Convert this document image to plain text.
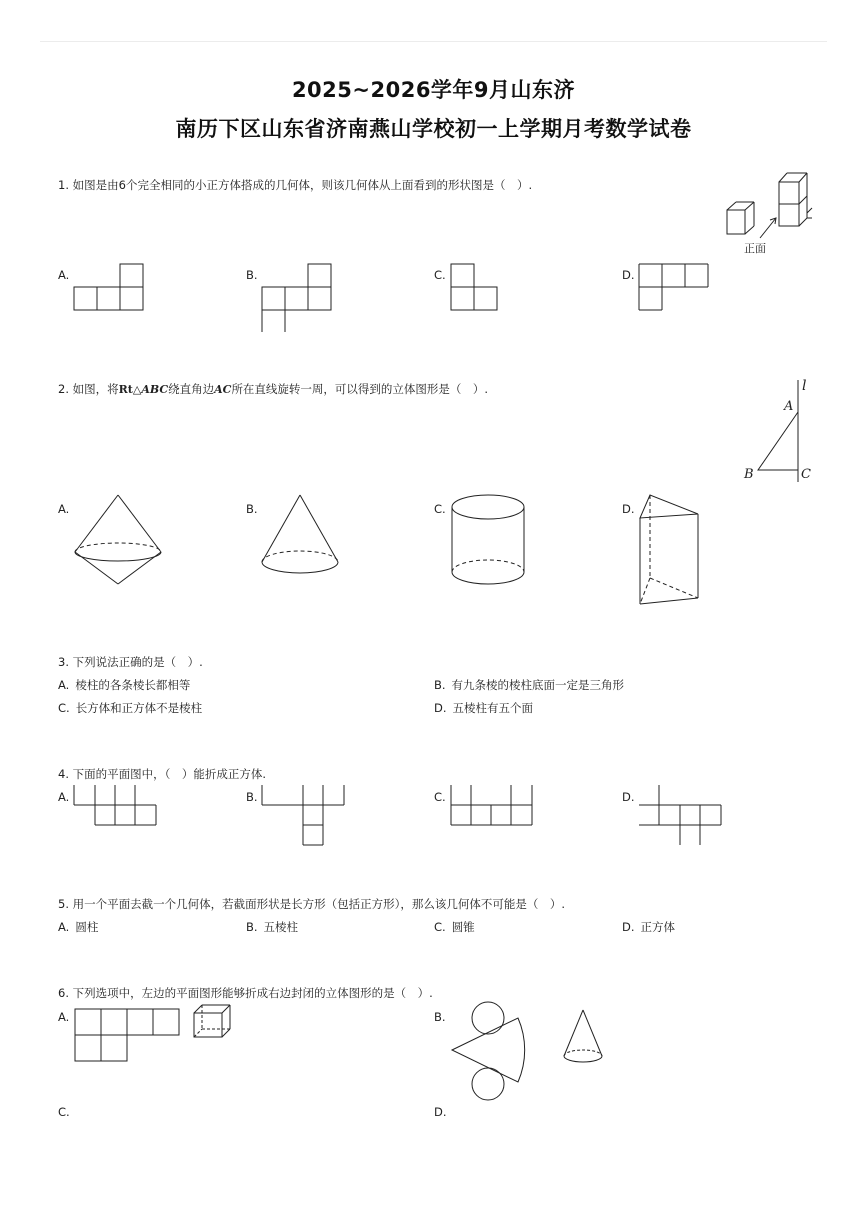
2025~2026学年9月山东济
南历下区山东省济南燕山学校初一上学期月考数学试卷
1. 如图是由6个完全相同的小正方体搭成的几何体，则该几何体从上面看到的形状图是（　）.
正面
A.	B.	C.	D.
2. 如图，将Rt△ABC绕直角边AC所在直线旋转一周，可以得到的立体图形是（　）.	l
A
B	C
A.	B.	C.	D.
3. 下列说法正确的是（　）.
A. 棱柱的各条棱长都相等	B. 有九条棱的棱柱底面一定是三角形
C. 长方体和正方体不是棱柱	D. 五棱柱有五个面
4. 下面的平面图中，（　）能折成正方体.
A.	B.	C.	D.
5. 用一个平面去截一个几何体，若截面形状是长方形（包括正方形），那么该几何体不可能是（　）.
A. 圆柱	B. 五棱柱	C. 圆锥	D. 正方体
6. 下列选项中，左边的平面图形能够折成右边封闭的立体图形的是（　）.
A.	B.
C.	D.
